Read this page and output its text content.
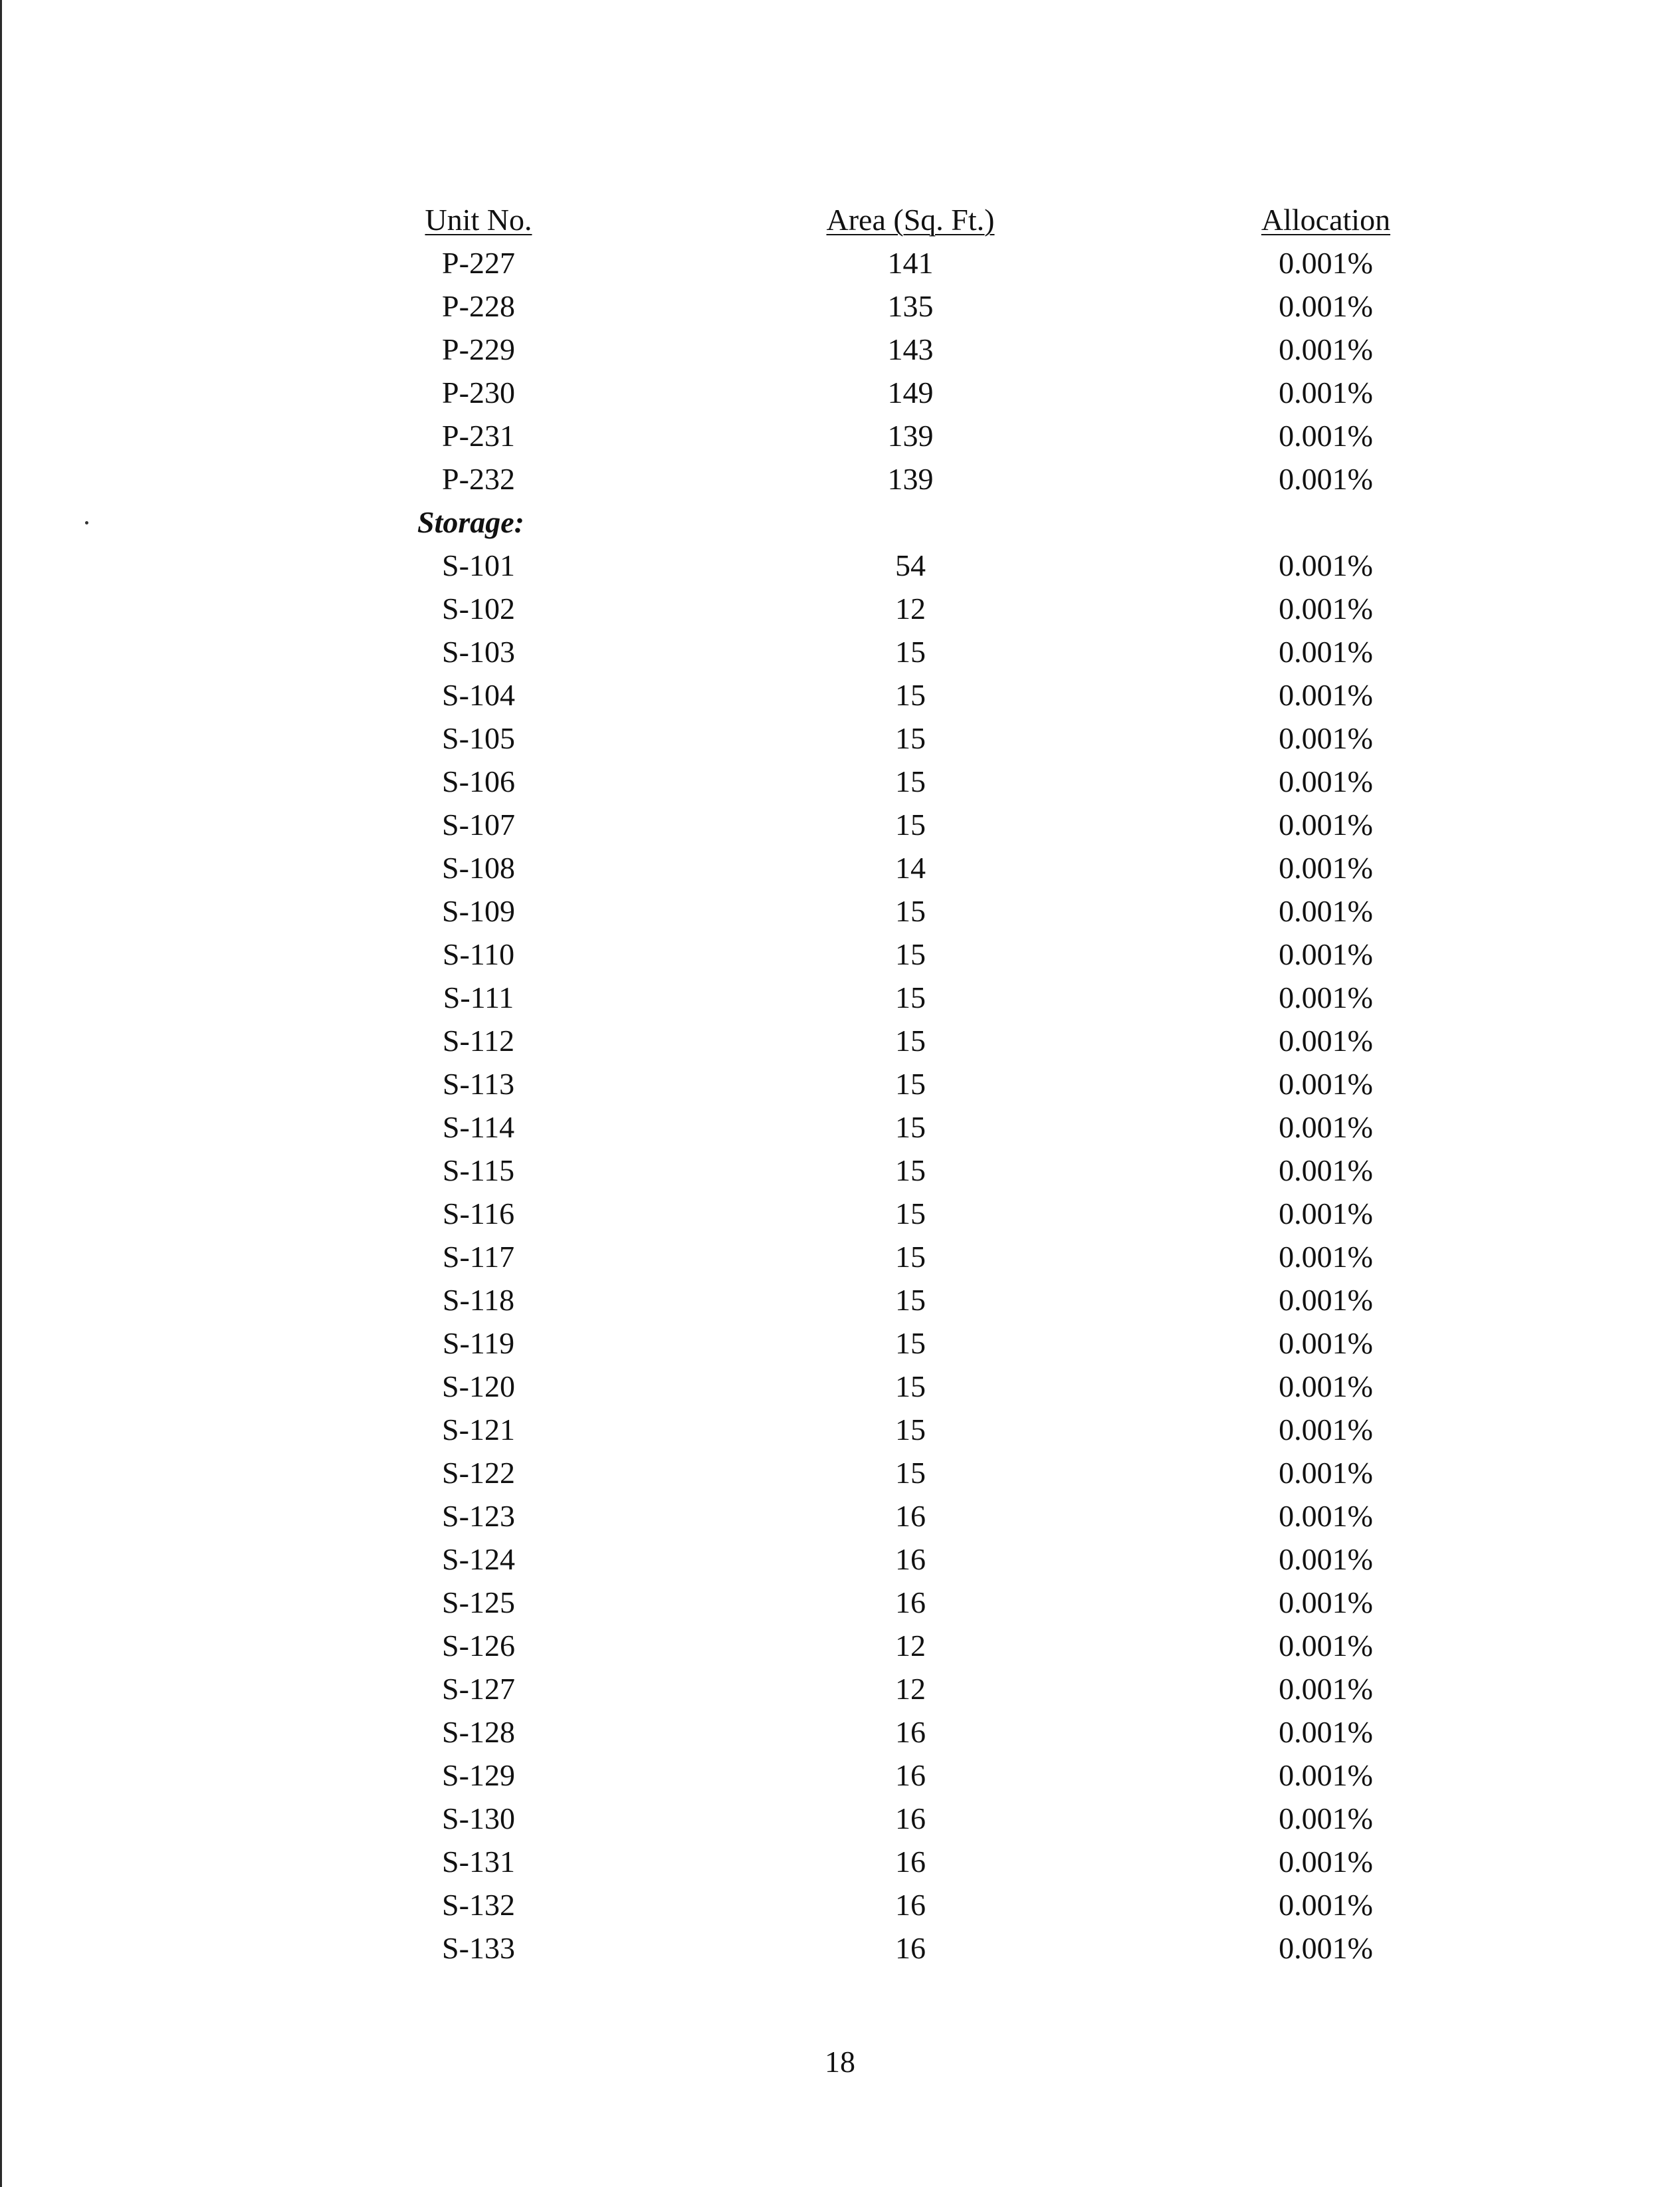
Unit No.	Area (Sq. Ft.)	Allocation
P-227	141	0.001%
P-228	135	0.001%
P-229	143	0.001%
P-230	149	0.001%
P-231	139	0.001%
P-232	139	0.001%
Storage:
S-101	54	0.001%
S-102	12	0.001%
S-103	15	0.001%
S-104	15	0.001%
S-105	15	0.001%
S-106	15	0.001%
S-107	15	0.001%
S-108	14	0.001%
S-109	15	0.001%
S-110	15	0.001%
S-111	15	0.001%
S-112	15	0.001%
S-113	15	0.001%
S-114	15	0.001%
S-115	15	0.001%
S-116	15	0.001%
S-117	15	0.001%
S-118	15	0.001%
S-119	15	0.001%
S-120	15	0.001%
S-121	15	0.001%
S-122	15	0.001%
S-123	16	0.001%
S-124	16	0.001%
S-125	16	0.001%
S-126	12	0.001%
S-127	12	0.001%
S-128	16	0.001%
S-129	16	0.001%
S-130	16	0.001%
S-131	16	0.001%
S-132	16	0.001%
S-133	16	0.001%
18
